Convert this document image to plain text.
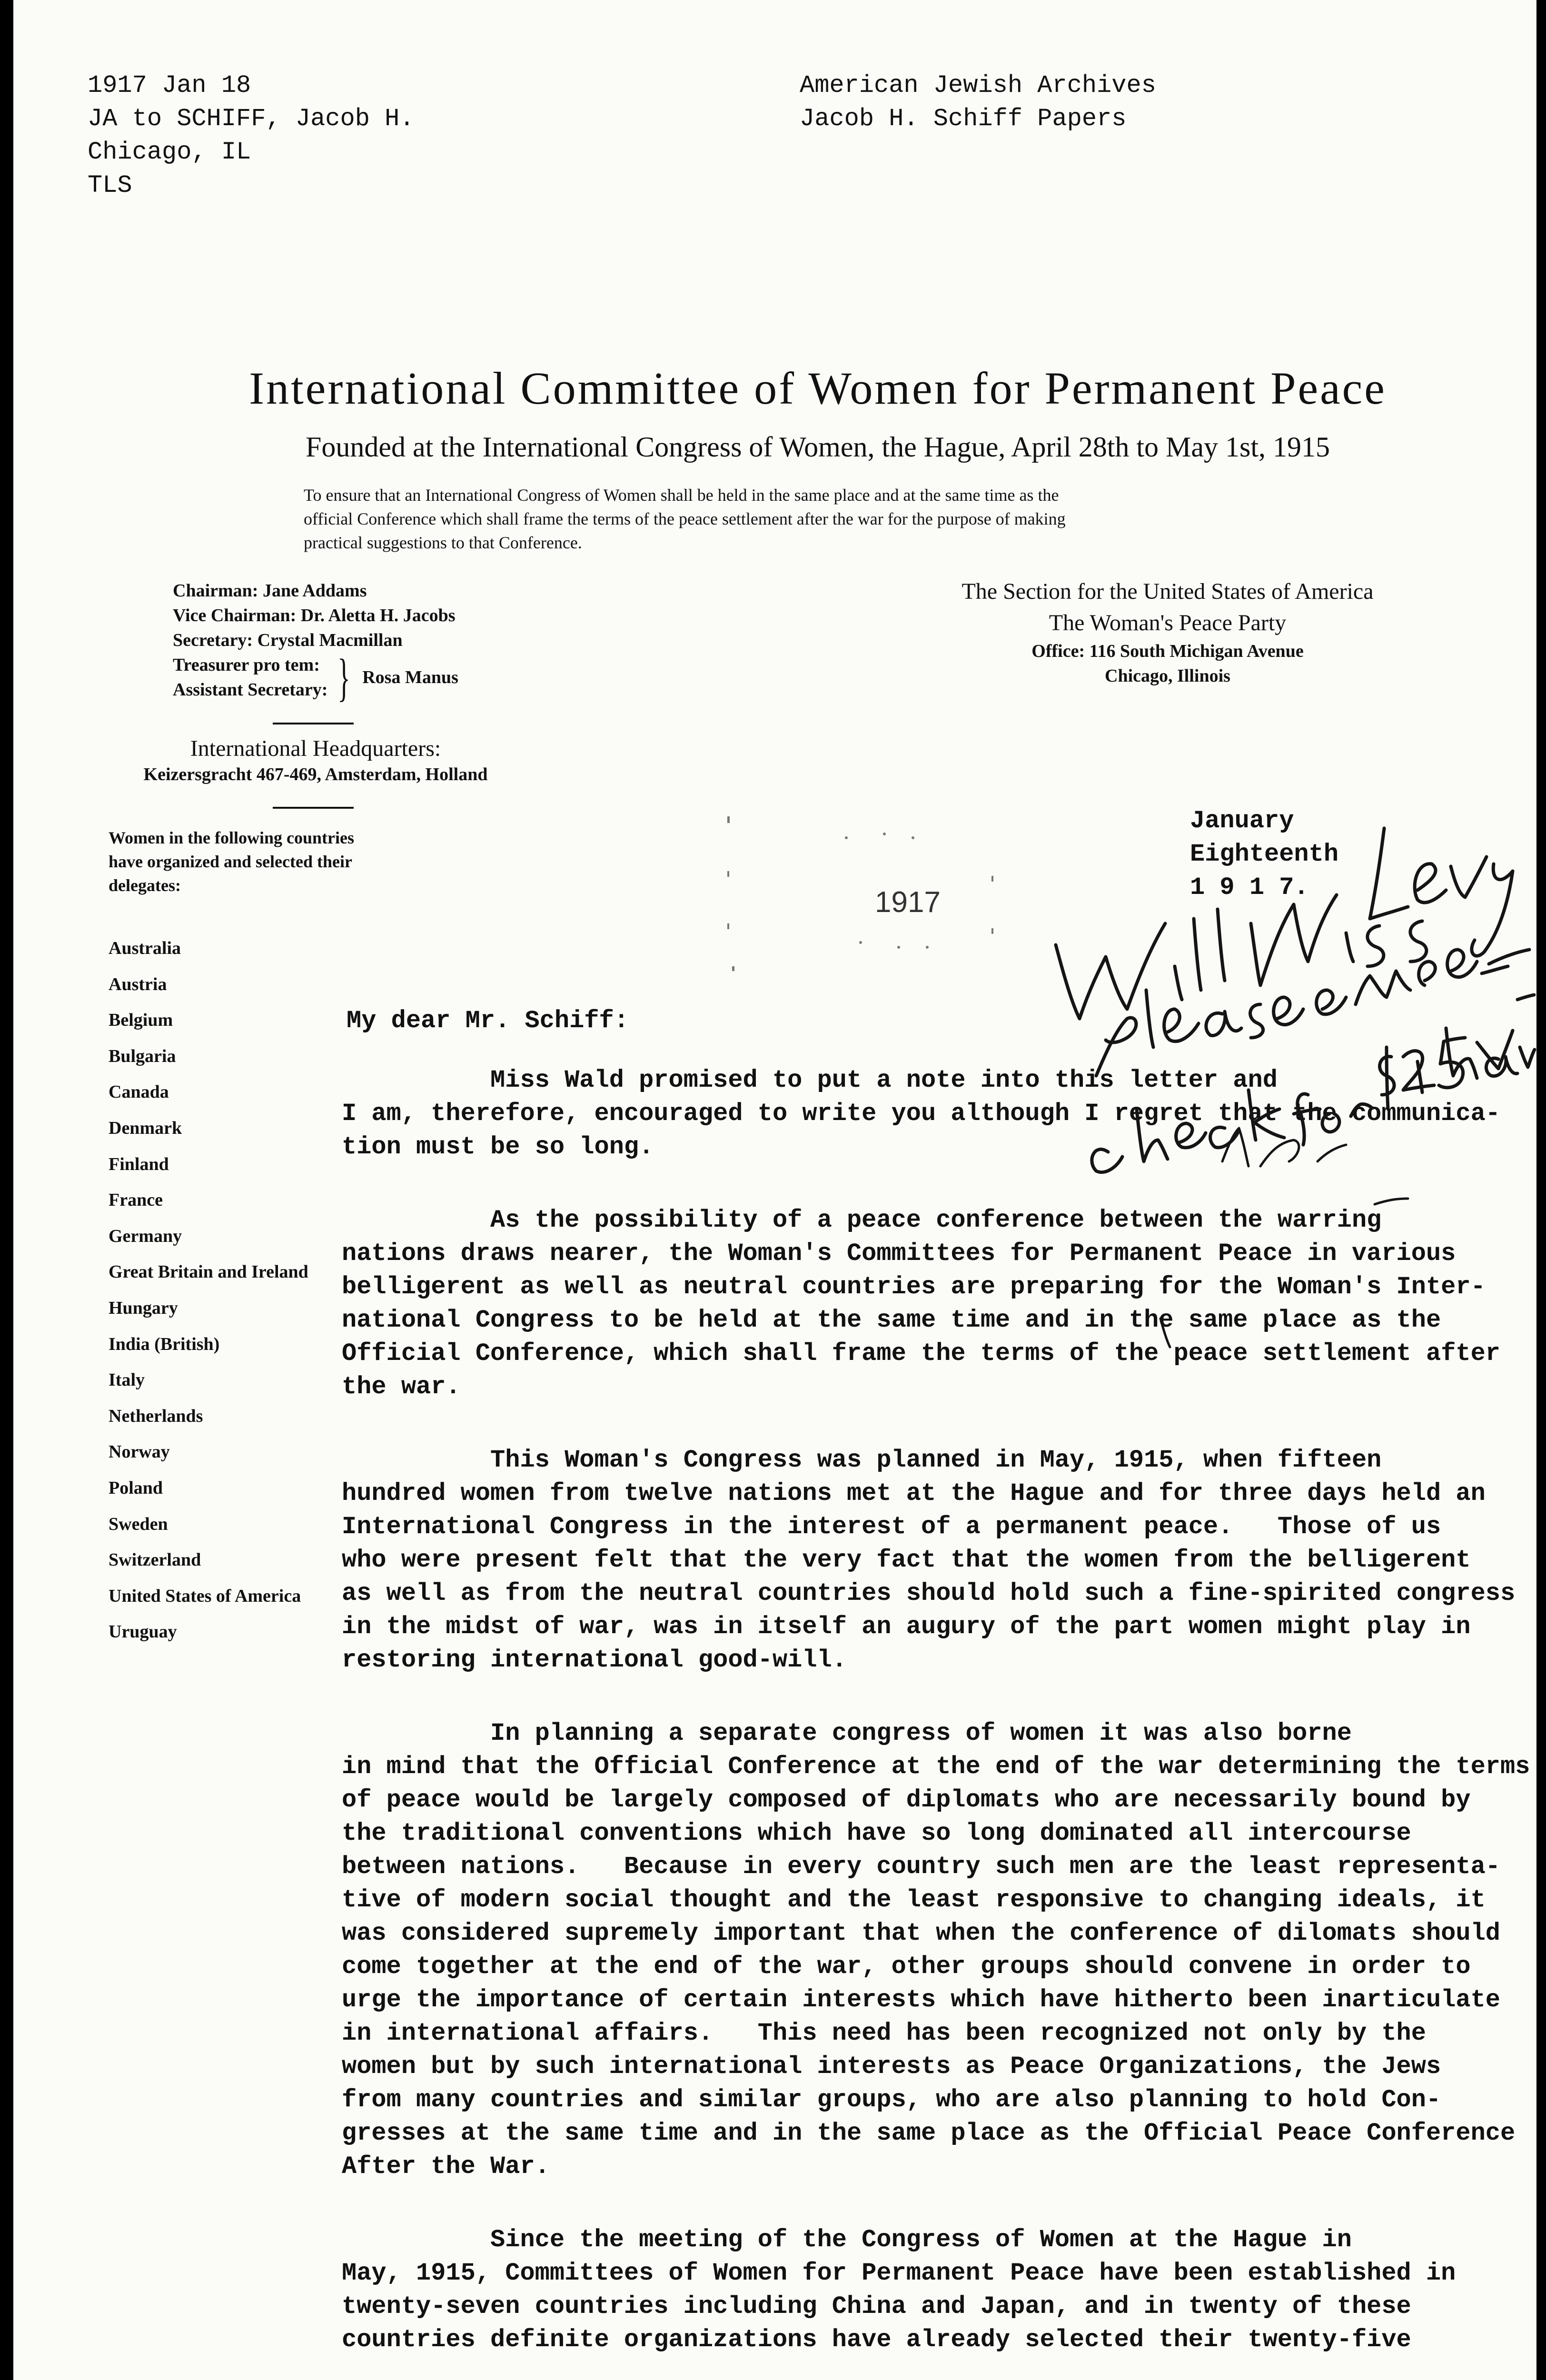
1917 Jan 18
JA to SCHIFF, Jacob H.
Chicago, IL
TLS
American Jewish Archives
Jacob H. Schiff Papers
International Committee of Women for Permanent Peace
Founded at the International Congress of Women, the Hague, April 28th to May 1st, 1915
To ensure that an International Congress of Women shall be held in the same place and at the same time as the
official Conference which shall frame the terms of the peace settlement after the war for the purpose of making
practical suggestions to that Conference.
Chairman: Jane Addams
Vice Chairman: Dr. Aletta H. Jacobs
Secretary: Crystal Macmillan
Treasurer pro tem:
Assistant Secretary: } Rosa Manus
International Headquarters:
Keizersgracht 467-469, Amsterdam, Holland
The Section for the United States of America
The Woman's Peace Party
Office: 116 South Michigan Avenue
Chicago, Illinois
Women in the following countries
have organized and selected their
delegates:
Australia
Austria
Belgium
Bulgaria
Canada
Denmark
Finland
France
Germany
Great Britain and Ireland
Hungary
India (British)
Italy
Netherlands
Norway
Poland
Sweden
Switzerland
United States of America
Uruguay
1917
January
Eighteenth
1 9 1 7.
My dear Mr. Schiff:
Miss Wald promised to put a note into this letter and
I am, therefore, encouraged to write you although I regret that the communica-
tion must be so long.
As the possibility of a peace conference between the warring
nations draws nearer, the Woman's Committees for Permanent Peace in various
belligerent as well as neutral countries are preparing for the Woman's Inter-
national Congress to be held at the same time and in the same place as the
Official Conference, which shall frame the terms of the peace settlement after
the war.
This Woman's Congress was planned in May, 1915, when fifteen
hundred women from twelve nations met at the Hague and for three days held an
International Congress in the interest of a permanent peace.   Those of us
who were present felt that the very fact that the women from the belligerent
as well as from the neutral countries should hold such a fine-spirited congress
in the midst of war, was in itself an augury of the part women might play in
restoring international good-will.
In planning a separate congress of women it was also borne
in mind that the Official Conference at the end of the war determining the terms
of peace would be largely composed of diplomats who are necessarily bound by
the traditional conventions which have so long dominated all intercourse
between nations.   Because in every country such men are the least representa-
tive of modern social thought and the least responsive to changing ideals, it
was considered supremely important that when the conference of dilomats should
come together at the end of the war, other groups should convene in order to
urge the importance of certain interests which have hitherto been inarticulate
in international affairs.   This need has been recognized not only by the
women but by such international interests as Peace Organizations, the Jews
from many countries and similar groups, who are also planning to hold Con-
gresses at the same time and in the same place as the Official Peace Conference
After the War.
Since the meeting of the Congress of Women at the Hague in
May, 1915, Committees of Women for Permanent Peace have been established in
twenty-seven countries including China and Japan, and in twenty of these
countries definite organizations have already selected their twenty-five
